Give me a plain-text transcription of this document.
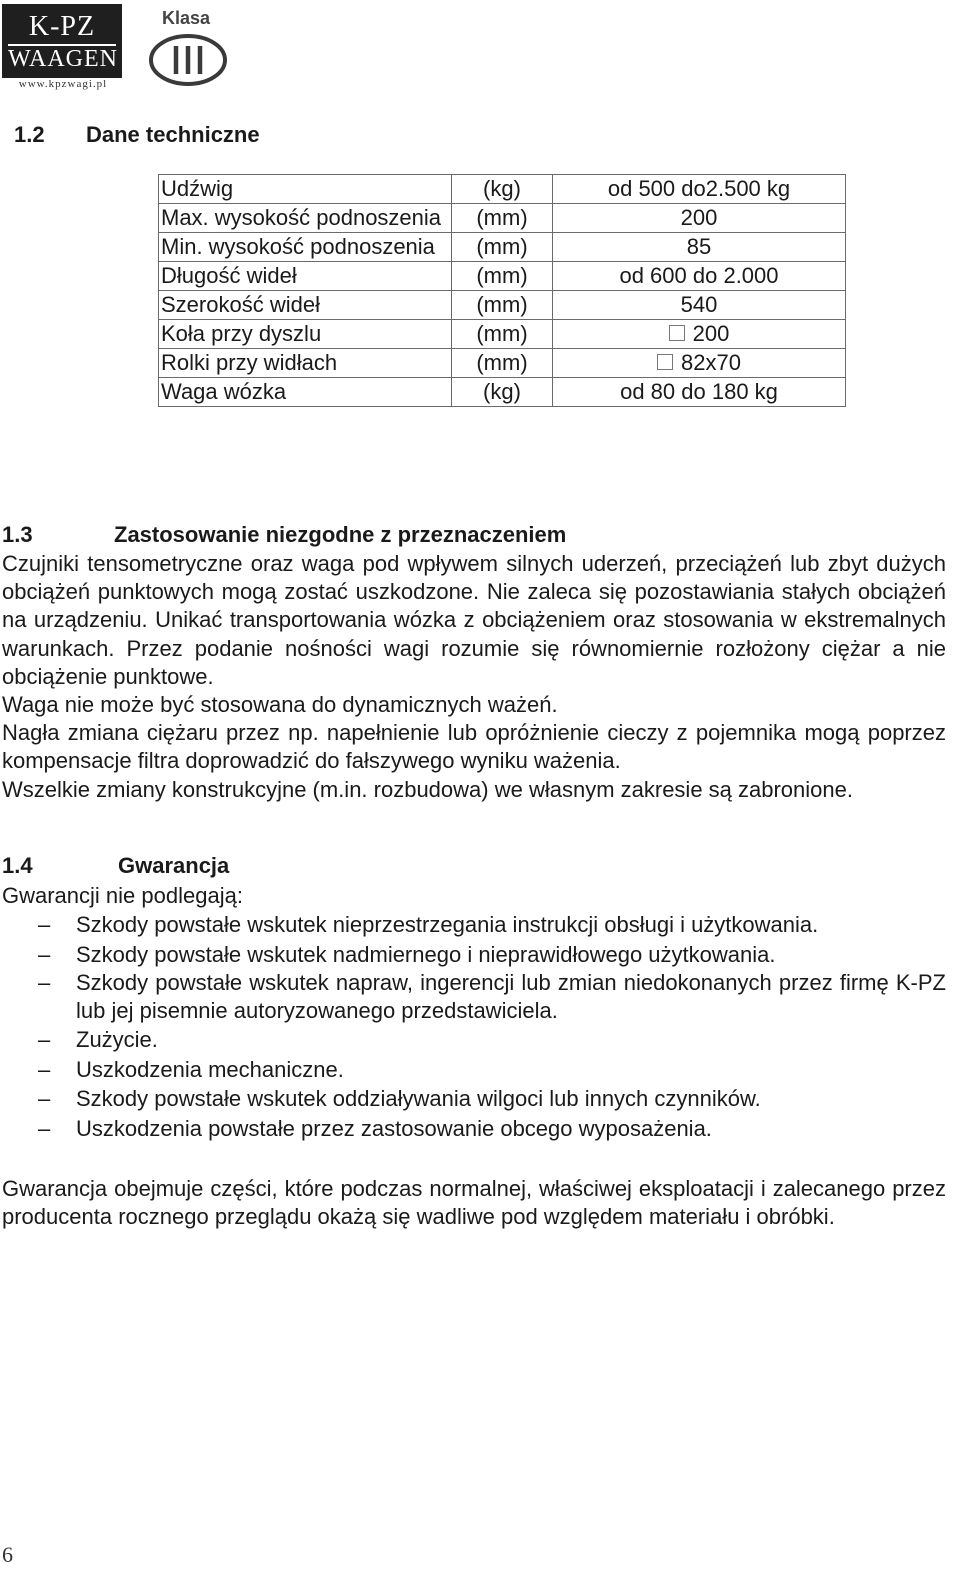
K-PZ
WAAGEN
www.kpzwagi.pl
Klasa
1.2 Dane techniczne
Udźwig	(kg)	od 500 do2.500 kg
Max. wysokość podnoszenia	(mm)	200
Min. wysokość podnoszenia	(mm)	85
Długość wideł	(mm)	od 600 do 2.000
Szerokość wideł	(mm)	540
Koła przy dyszlu	(mm)	200
Rolki przy widłach	(mm)	82x70
Waga wózka	(kg)	od 80 do 180 kg
1.3	Zastosowanie niezgodne z przeznaczeniem

Czujniki tensometryczne oraz waga pod wpływem silnych uderzeń, przeciążeń lub zbyt dużych obciążeń punktowych mogą zostać uszkodzone. Nie zaleca się pozostawiania stałych obciążeń na urządzeniu. Unikać transportowania wózka z obciążeniem oraz stosowania w ekstremalnych warunkach. Przez podanie nośności wagi rozumie się równomiernie rozłożony ciężar a nie obciążenie punktowe.

Waga nie może być stosowana do dynamicznych ważeń.

Nagła zmiana ciężaru przez np. napełnienie lub opróżnienie cieczy z pojemnika mogą poprzez kompensacje filtra doprowadzić do fałszywego wyniku ważenia.

Wszelkie zmiany konstrukcyjne (m.in. rozbudowa) we własnym zakresie są zabronione.

1.4	Gwarancja
Gwarancji nie podlegają:
– Szkody powstałe wskutek nieprzestrzegania instrukcji obsługi i użytkowania.
– Szkody powstałe wskutek nadmiernego i nieprawidłowego użytkowania.
– Szkody powstałe wskutek napraw, ingerencji lub zmian niedokonanych przez firmę K-PZ lub jej pisemnie autoryzowanego przedstawiciela.
– Zużycie.
– Uszkodzenia mechaniczne.
– Szkody powstałe wskutek oddziaływania wilgoci lub innych czynników.
– Uszkodzenia powstałe przez zastosowanie obcego wyposażenia.
Gwarancja obejmuje części, które podczas normalnej, właściwej eksploatacji i zalecanego przez producenta rocznego przeglądu okażą się wadliwe pod względem materiału i obróbki.
6
